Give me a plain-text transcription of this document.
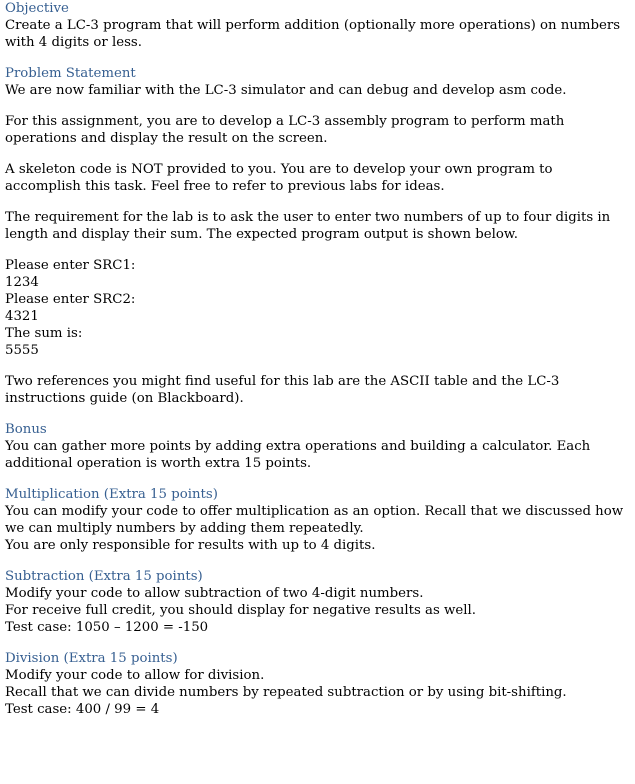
Objective

Create a LC-3 program that will perform addition (optionally more operations) on numbers with 4 digits or less.

Problem Statement

We are now familiar with the LC-3 simulator and can debug and develop asm code.

For this assignment, you are to develop a LC-3 assembly program to perform math operations and display the result on the screen.

A skeleton code is NOT provided to you. You are to develop your own program to accomplish this task. Feel free to refer to previous labs for ideas.

The requirement for the lab is to ask the user to enter two numbers of up to four digits in length and display their sum. The expected program output is shown below.

Please enter SRC1:
1234
Please enter SRC2:
4321
The sum is:
5555

Two references you might find useful for this lab are the ASCII table and the LC-3 instructions guide (on Blackboard).

Bonus

You can gather more points by adding extra operations and building a calculator. Each additional operation is worth extra 15 points.

Multiplication (Extra 15 points)

You can modify your code to offer multiplication as an option. Recall that we discussed how we can multiply numbers by adding them repeatedly.

You are only responsible for results with up to 4 digits.

Subtraction (Extra 15 points)

Modify your code to allow subtraction of two 4-digit numbers.

For receive full credit, you should display for negative results as well.

Test case: 1050 – 1200 = -150

Division (Extra 15 points)

Modify your code to allow for division.

Recall that we can divide numbers by repeated subtraction or by using bit-shifting.

Test case: 400 / 99 = 4
